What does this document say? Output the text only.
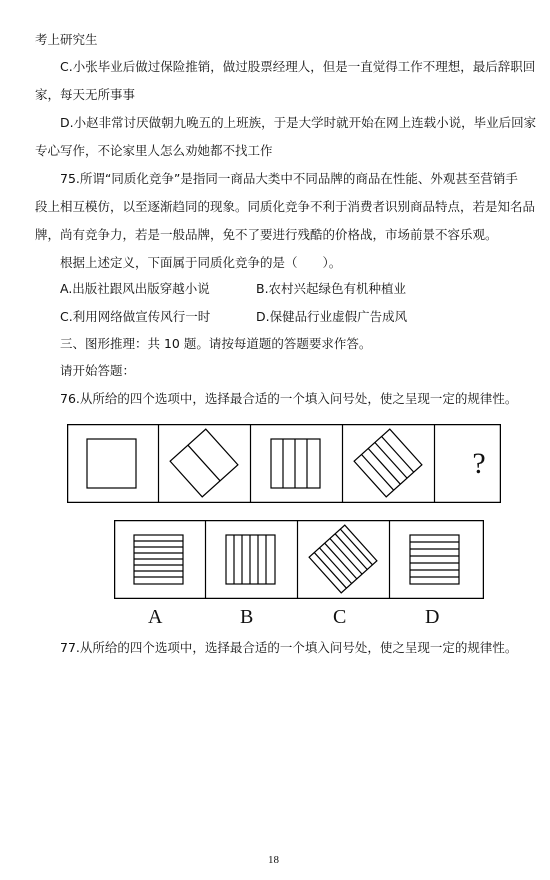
考上研究生
C.小张毕业后做过保险推销，做过股票经理人，但是一直觉得工作不理想，最后辞职回
家，每天无所事事
D.小赵非常讨厌做朝九晚五的上班族，于是大学时就开始在网上连载小说，毕业后回家
专心写作，不论家里人怎么劝她都不找工作
75.所谓“同质化竞争”是指同一商品大类中不同品牌的商品在性能、外观甚至营销手
段上相互模仿，以至逐渐趋同的现象。同质化竞争不利于消费者识别商品特点，若是知名品
牌，尚有竞争力，若是一般品牌，免不了要进行残酷的价格战，市场前景不容乐观。
根据上述定义，下面属于同质化竞争的是（　　）。
A.出版社跟风出版穿越小说	B.农村兴起绿色有机种植业
C.利用网络做宣传风行一时	D.保健品行业虚假广告成风
三、图形推理：共 10 题。请按每道题的答题要求作答。
请开始答题：
76.从所给的四个选项中，选择最合适的一个填入问号处，使之呈现一定的规律性。
?
A	B	C	D
77.从所给的四个选项中，选择最合适的一个填入问号处，使之呈现一定的规律性。
18
